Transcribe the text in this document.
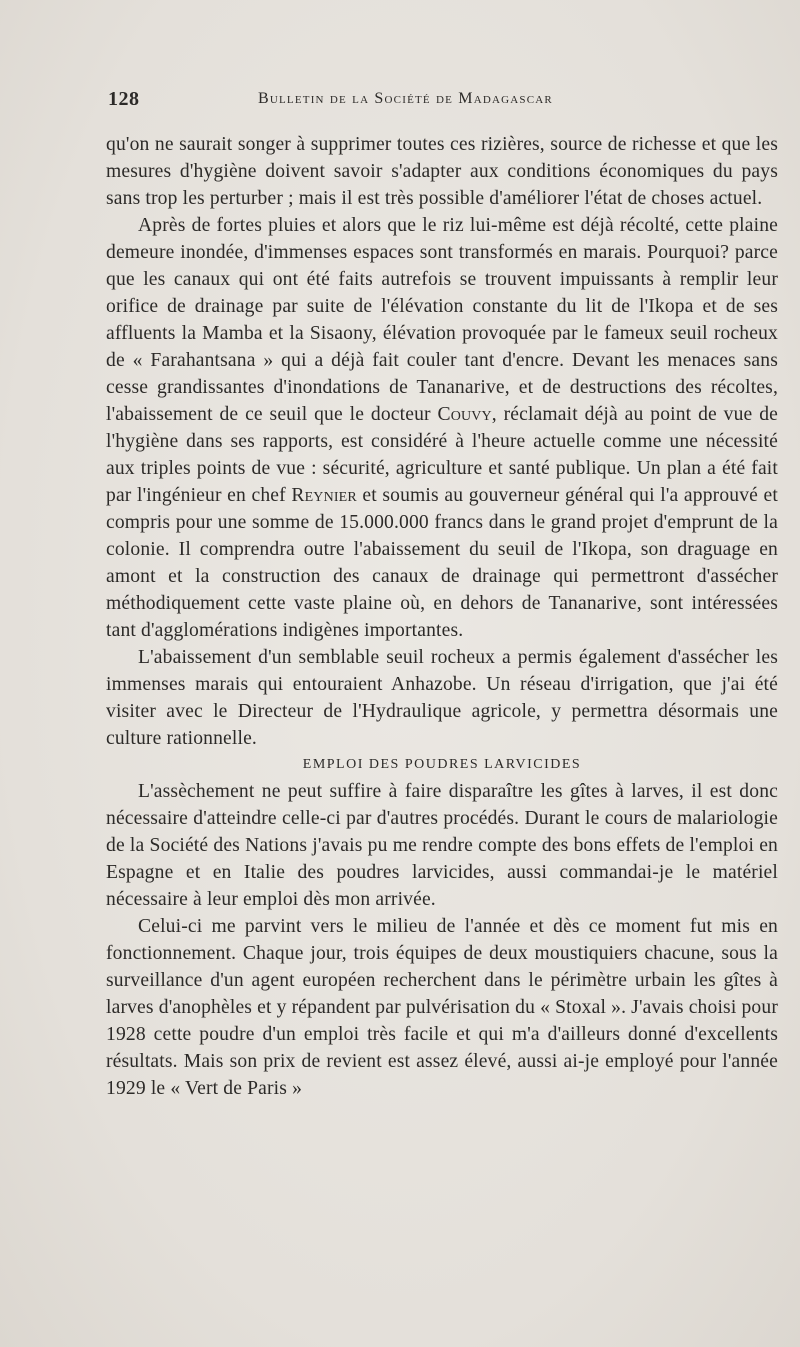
128	Bulletin de la Société de Madagascar

qu'on ne saurait songer à supprimer toutes ces rizières, source de richesse et que les mesures d'hygiène doivent savoir s'adapter aux conditions économiques du pays sans trop les perturber ; mais il est très possible d'améliorer l'état de choses actuel.

Après de fortes pluies et alors que le riz lui-même est déjà récolté, cette plaine demeure inondée, d'immenses espaces sont transformés en marais. Pourquoi? parce que les canaux qui ont été faits autrefois se trouvent impuissants à remplir leur orifice de drainage par suite de l'élévation constante du lit de l'Ikopa et de ses affluents la Mamba et la Sisaony, élévation provoquée par le fameux seuil rocheux de « Farahantsana » qui a déjà fait couler tant d'encre. Devant les menaces sans cesse grandissantes d'inondations de Tananarive, et de destructions des récoltes, l'abaissement de ce seuil que le docteur Couvy, réclamait déjà au point de vue de l'hygiène dans ses rapports, est considéré à l'heure actuelle comme une nécessité aux triples points de vue : sécurité, agriculture et santé publique. Un plan a été fait par l'ingénieur en chef Reynier et soumis au gouverneur général qui l'a approuvé et compris pour une somme de 15.000.000 francs dans le grand projet d'emprunt de la colonie. Il comprendra outre l'abaissement du seuil de l'Ikopa, son draguage en amont et la construction des canaux de drainage qui permettront d'assécher méthodiquement cette vaste plaine où, en dehors de Tananarive, sont intéressées tant d'agglomérations indigènes importantes.

L'abaissement d'un semblable seuil rocheux a permis également d'assécher les immenses marais qui entouraient Anhazobe. Un réseau d'irrigation, que j'ai été visiter avec le Directeur de l'Hydraulique agricole, y permettra désormais une culture rationnelle.

EMPLOI DES POUDRES LARVICIDES

L'assèchement ne peut suffire à faire disparaître les gîtes à larves, il est donc nécessaire d'atteindre celle-ci par d'autres procédés. Durant le cours de malariologie de la Société des Nations j'avais pu me rendre compte des bons effets de l'emploi en Espagne et en Italie des poudres larvicides, aussi commandai-je le matériel nécessaire à leur emploi dès mon arrivée.

Celui-ci me parvint vers le milieu de l'année et dès ce moment fut mis en fonctionnement. Chaque jour, trois équipes de deux moustiquiers chacune, sous la surveillance d'un agent européen recherchent dans le périmètre urbain les gîtes à larves d'anophèles et y répandent par pulvérisation du « Stoxal ». J'avais choisi pour 1928 cette poudre d'un emploi très facile et qui m'a d'ailleurs donné d'excellents résultats. Mais son prix de revient est assez élevé, aussi ai-je employé pour l'année 1929 le « Vert de Paris »
